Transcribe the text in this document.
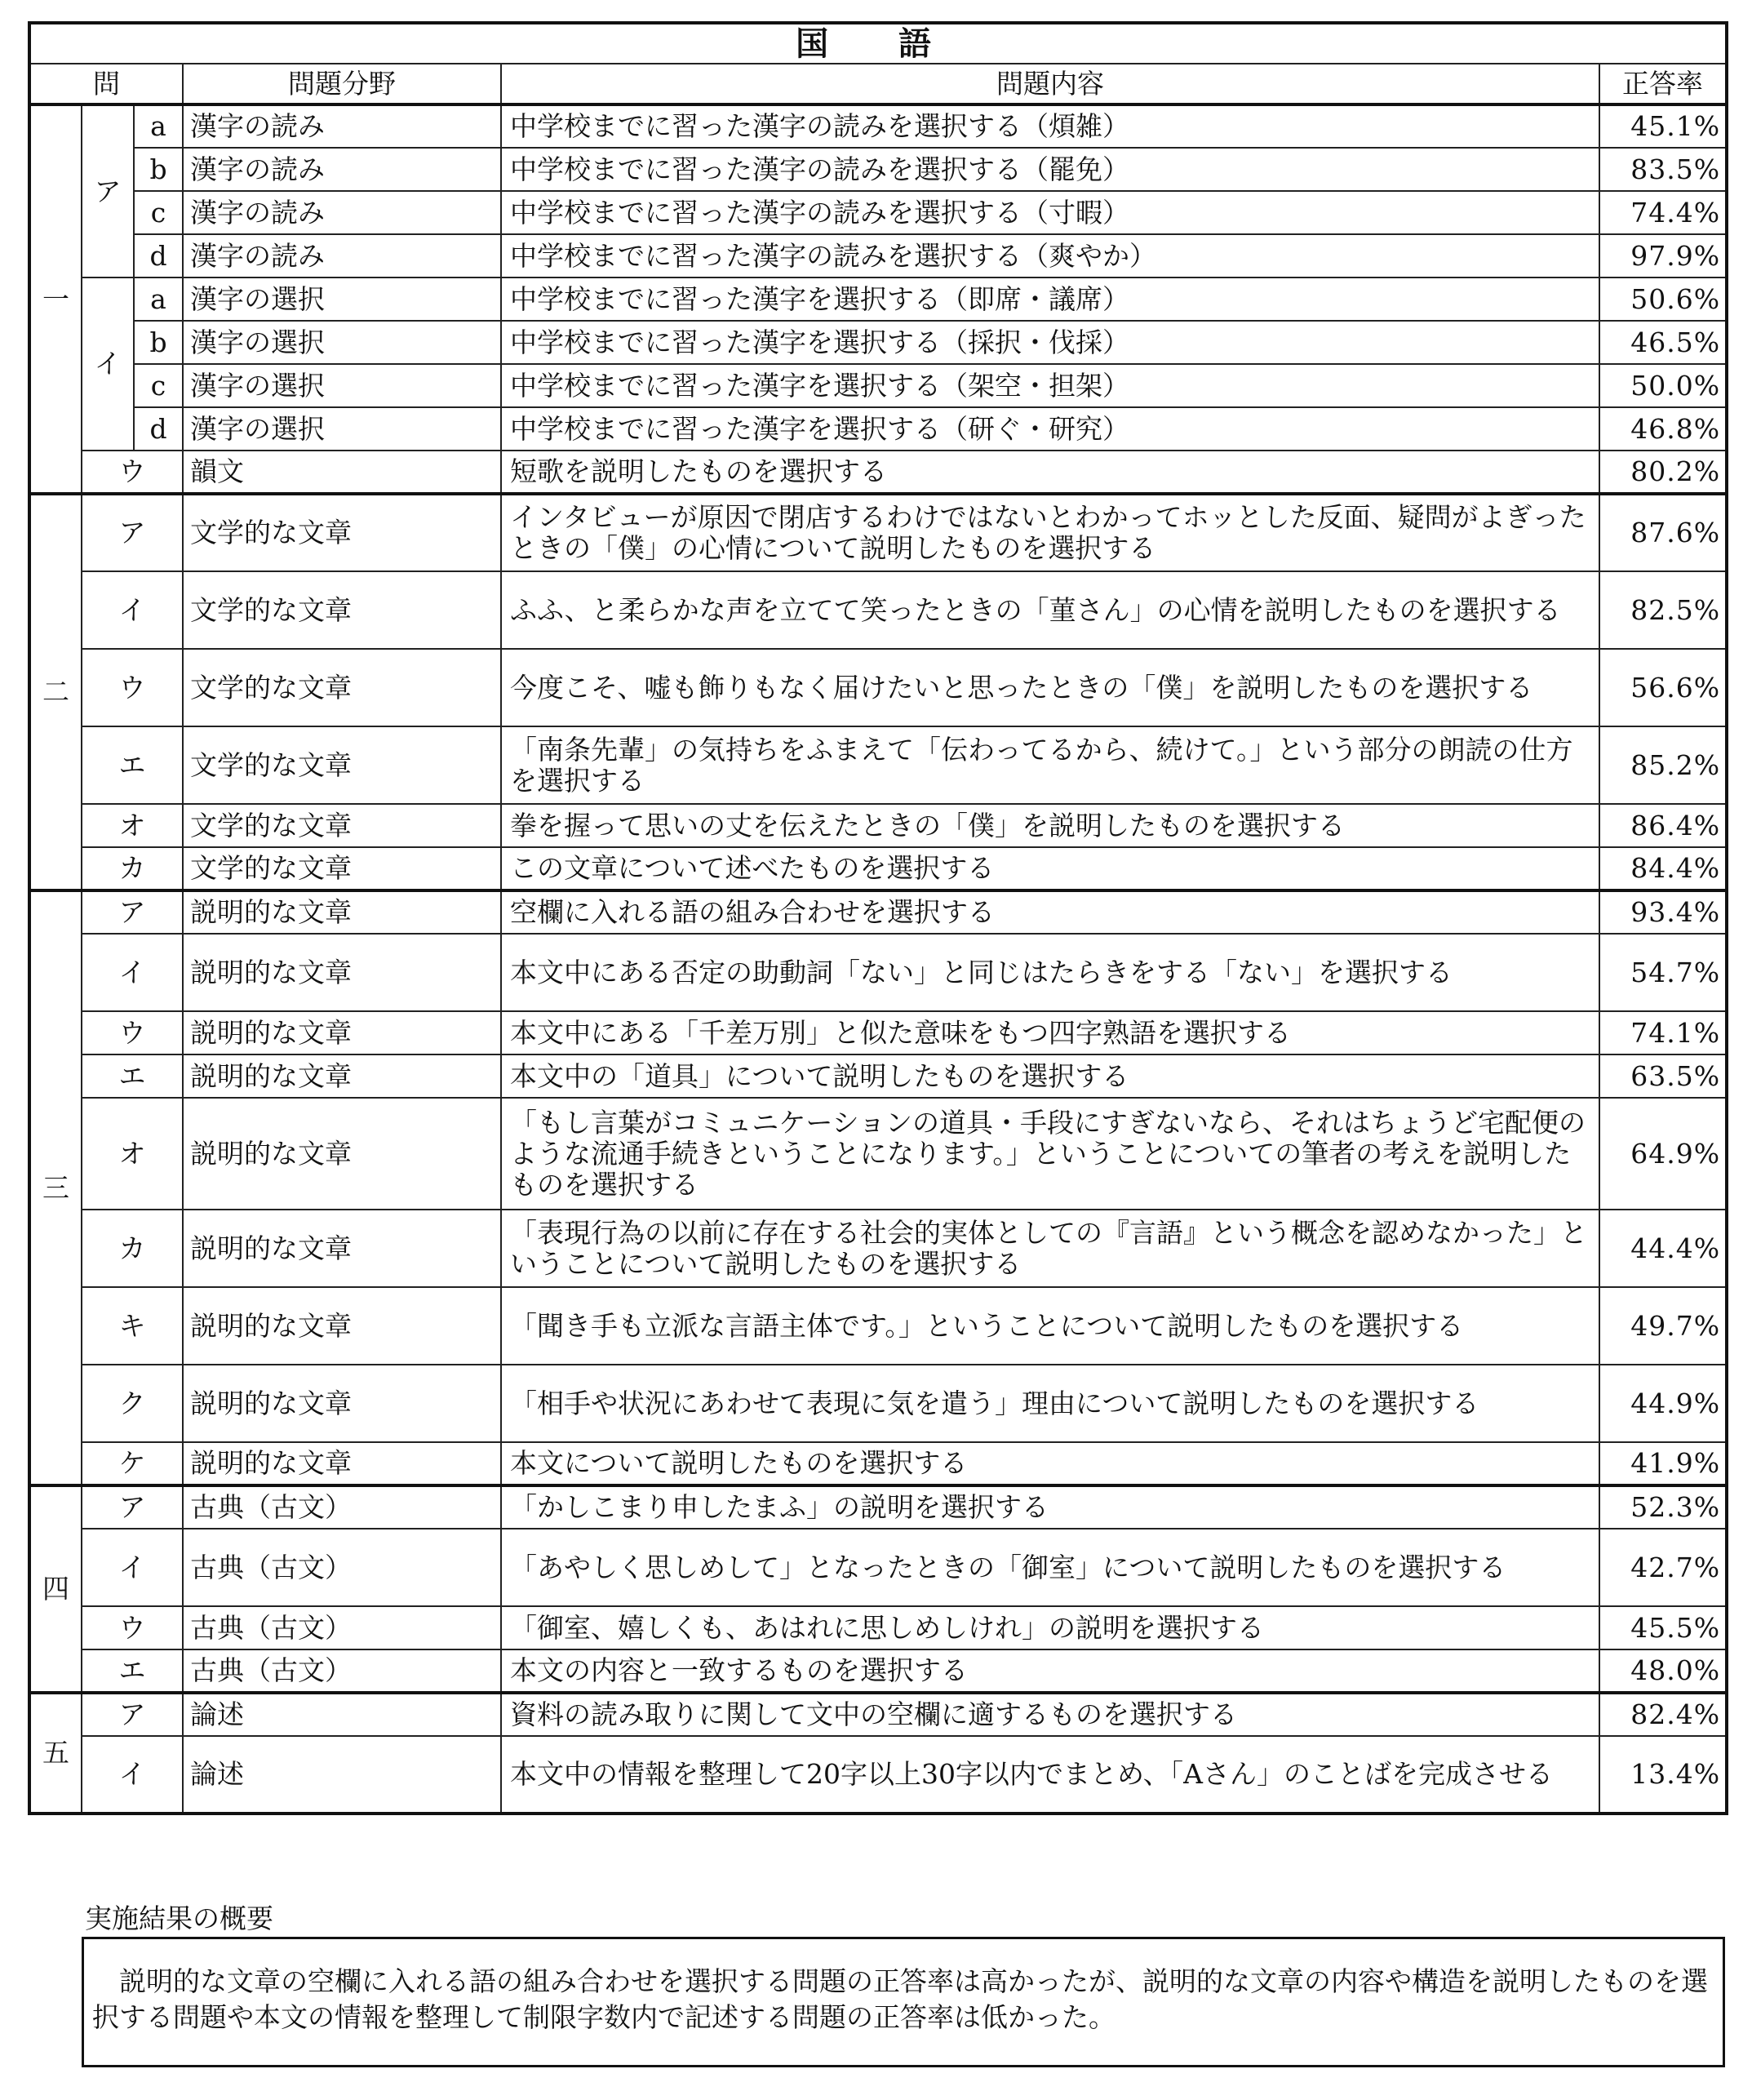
国 語					
問			問題分野	問題内容	正答率
一	ア	a	漢字の読み	中学校までに習った漢字の読みを選択する（煩雑）	45.1%
		b	漢字の読み	中学校までに習った漢字の読みを選択する（罷免）	83.5%
		c	漢字の読み	中学校までに習った漢字の読みを選択する（寸暇）	74.4%
		d	漢字の読み	中学校までに習った漢字の読みを選択する（爽やか）	97.9%
	イ	a	漢字の選択	中学校までに習った漢字を選択する（即席・議席）	50.6%
		b	漢字の選択	中学校までに習った漢字を選択する（採択・伐採）	46.5%
		c	漢字の選択	中学校までに習った漢字を選択する（架空・担架）	50.0%
		d	漢字の選択	中学校までに習った漢字を選択する（研ぐ・研究）	46.8%
	ウ		韻文	短歌を説明したものを選択する	80.2%
二	ア		文学的な文章	インタビューが原因で閉店するわけではないとわかってホッとした反面、疑問がよぎったときの「僕」の心情について説明したものを選択する	87.6%
	イ		文学的な文章	ふふ、と柔らかな声を立てて笑ったときの「菫さん」の心情を説明したものを選択する	82.5%
	ウ		文学的な文章	今度こそ、嘘も飾りもなく届けたいと思ったときの「僕」を説明したものを選択する	56.6%
	エ		文学的な文章	「南条先輩」の気持ちをふまえて「伝わってるから、続けて。」という部分の朗読の仕方を選択する	85.2%
	オ		文学的な文章	拳を握って思いの丈を伝えたときの「僕」を説明したものを選択する	86.4%
	カ		文学的な文章	この文章について述べたものを選択する	84.4%
三	ア		説明的な文章	空欄に入れる語の組み合わせを選択する	93.4%
	イ		説明的な文章	本文中にある否定の助動詞「ない」と同じはたらきをする「ない」を選択する	54.7%
	ウ		説明的な文章	本文中にある「千差万別」と似た意味をもつ四字熟語を選択する	74.1%
	エ		説明的な文章	本文中の「道具」について説明したものを選択する	63.5%
	オ		説明的な文章	「もし言葉がコミュニケーションの道具・手段にすぎないなら、それはちょうど宅配便のような流通手続きということになります。」ということについての筆者の考えを説明したものを選択する	64.9%
	カ		説明的な文章	「表現行為の以前に存在する社会的実体としての『言語』という概念を認めなかった」ということについて説明したものを選択する	44.4%
	キ		説明的な文章	「聞き手も立派な言語主体です。」ということについて説明したものを選択する	49.7%
	ク		説明的な文章	「相手や状況にあわせて表現に気を遣う」理由について説明したものを選択する	44.9%
	ケ		説明的な文章	本文について説明したものを選択する	41.9%
四	ア		古典（古文）	「かしこまり申したまふ」の説明を選択する	52.3%
	イ		古典（古文）	「あやしく思しめして」となったときの「御室」について説明したものを選択する	42.7%
	ウ		古典（古文）	「御室、嬉しくも、あはれに思しめしけれ」の説明を選択する	45.5%
	エ		古典（古文）	本文の内容と一致するものを選択する	48.0%
五	ア		論述	資料の読み取りに関して文中の空欄に適するものを選択する	82.4%
	イ		論述	本文中の情報を整理して20字以上30字以内でまとめ、「Aさん」のことばを完成させる	13.4%
実施結果の概要
説明的な文章の空欄に入れる語の組み合わせを選択する問題の正答率は高かったが、説明的な文章の内容や構造を説明したものを選択する問題や本文の情報を整理して制限字数内で記述する問題の正答率は低かった。
